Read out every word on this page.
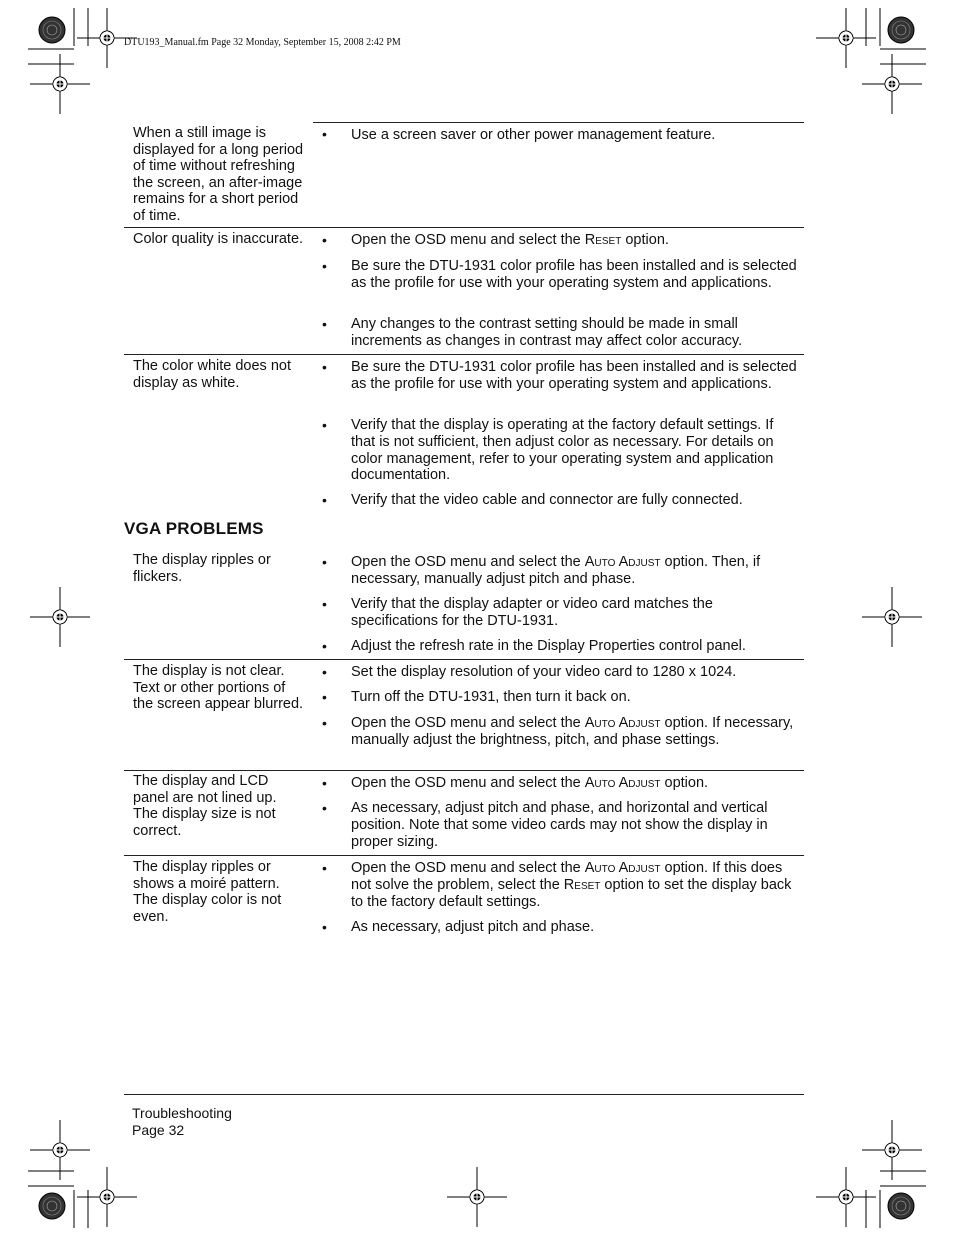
DTU193_Manual.fm Page 32 Monday, September 15, 2008 2:42 PM
When a still image is displayed for a long period of time without refreshing the screen, an after-image remains for a short period of time.
• Use a screen saver or other power management feature.
Color quality is inaccurate. • Open the OSD menu and select the Reset option.
• Be sure the DTU-1931 color profile has been installed and is selected as the profile for use with your operating system and applications.
• Any changes to the contrast setting should be made in small increments as changes in contrast may affect color accuracy.
The color white does not display as white.
• Be sure the DTU-1931 color profile has been installed and is selected as the profile for use with your operating system and applications.
• Verify that the display is operating at the factory default settings. If that is not sufficient, then adjust color as necessary. For details on color management, refer to your operating system and application documentation.
• Verify that the video cable and connector are fully connected.
VGA PROBLEMS
The display ripples or flickers.
• Open the OSD menu and select the Auto Adjust option. Then, if necessary, manually adjust pitch and phase.
• Verify that the display adapter or video card matches the specifications for the DTU-1931.
• Adjust the refresh rate in the Display Properties control panel.
The display is not clear. Text or other portions of the screen appear blurred.
• Set the display resolution of your video card to 1280 x 1024.
• Turn off the DTU-1931, then turn it back on.
• Open the OSD menu and select the Auto Adjust option. If necessary, manually adjust the brightness, pitch, and phase settings.
The display and LCD panel are not lined up. The display size is not correct.
• Open the OSD menu and select the Auto Adjust option.
• As necessary, adjust pitch and phase, and horizontal and vertical position. Note that some video cards may not show the display in proper sizing.
The display ripples or shows a moiré pattern. The display color is not even.
• Open the OSD menu and select the Auto Adjust option. If this does not solve the problem, select the Reset option to set the display back to the factory default settings.
• As necessary, adjust pitch and phase.
Troubleshooting
Page 32
